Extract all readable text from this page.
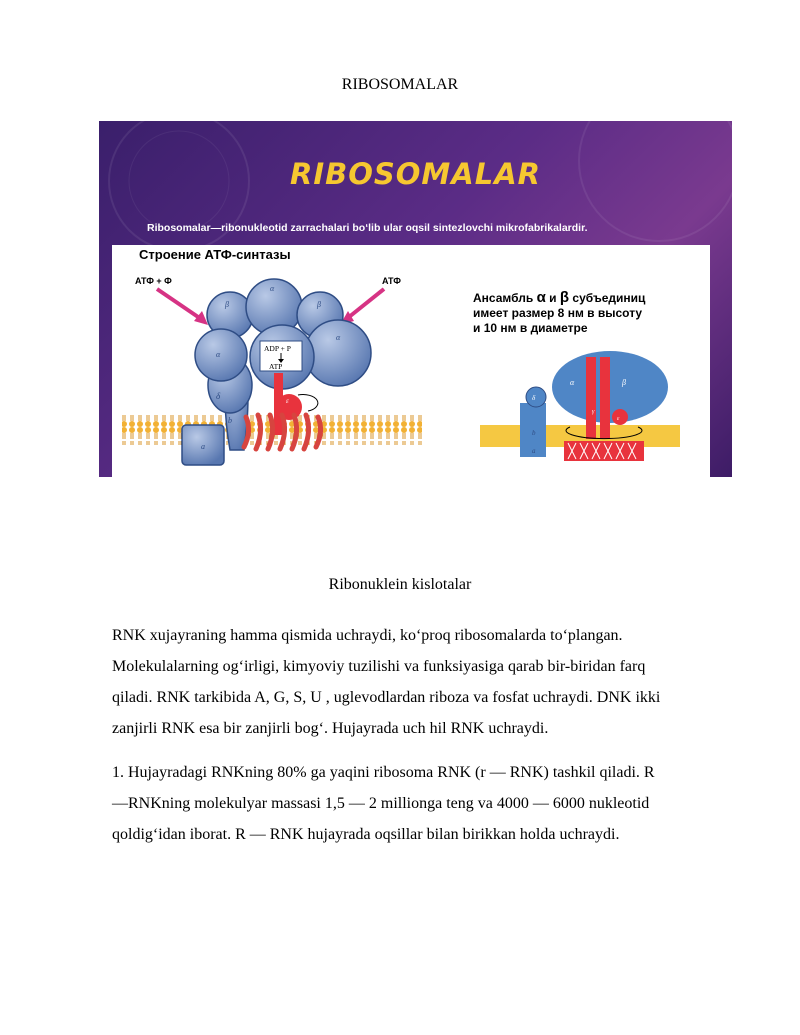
RIBOSOMALAR
RIBOSOMALAR
Ribosomalar—ribonukleotid zarrachalari bo‘lib ular oqsil sintezlovchi mikrofabrikalardir.
Строение АТФ-синтазы
АТФ + Ф	АТФ
Ансамбль α и β субъединиц
имеет размер 8 нм в высоту
и 10 нм в диаметре
δ
β
α
β
α
α
ADP + P
ATP
γ
ε
a
b
δ
α	β
γ
ε
b
a
Ribonuklein kislotalar

RNK xujayraning hamma qismida uchraydi, ko‘proq ribosomalarda to‘plangan.
Molekulalarning og‘irligi, kimyoviy tuzilishi va funksiyasiga qarab bir-biridan farq
qiladi. RNK tarkibida A, G, S, U , uglevodlardan riboza va fosfat uchraydi. DNK ikki
zanjirli RNK esa bir zanjirli bog‘. Hujayrada uch hil RNK uchraydi.

1. Hujayradagi RNKning 80% ga yaqini ribosoma RNK (r — RNK) tashkil qiladi. R
—RNKning molekulyar massasi 1,5 — 2 millionga teng va 4000 — 6000 nukleotid
qoldig‘idan iborat. R — RNK hujayrada oqsillar bilan birikkan holda uchraydi.
